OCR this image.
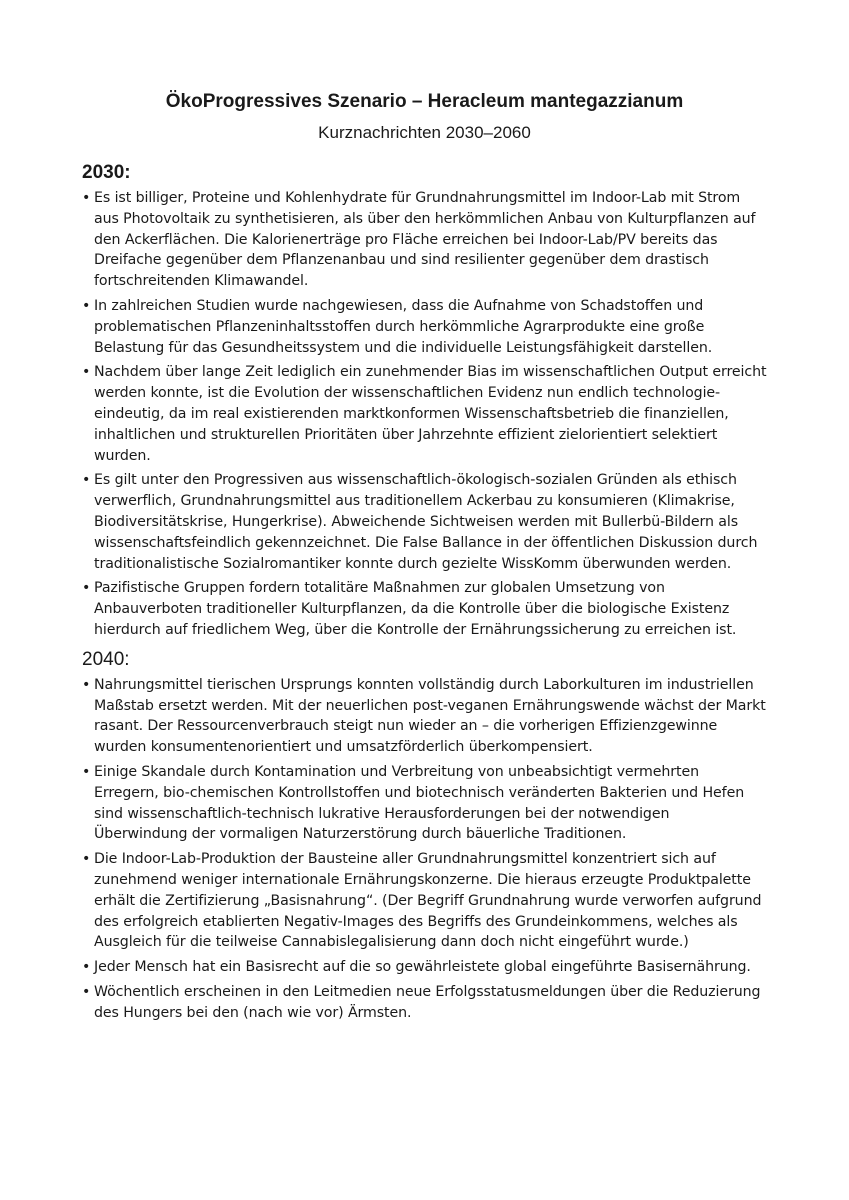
ÖkoProgressives Szenario – Heracleum mantegazzianum
Kurznachrichten 2030–2060
2030:
• Es ist billiger, Proteine und Kohlenhydrate für Grundnahrungsmittel im Indoor-Lab mit Strom aus Photovoltaik zu synthetisieren, als über den herkömmlichen Anbau von Kulturpflanzen auf den Ackerflächen. Die Kalorienerträge pro Fläche erreichen bei Indoor-Lab/PV bereits das Dreifache gegenüber dem Pflanzenanbau und sind resilienter gegenüber dem drastisch fortschreitenden Klimawandel.
• In zahlreichen Studien wurde nachgewiesen, dass die Aufnahme von Schadstoffen und problematischen Pflanzeninhaltsstoffen durch herkömmliche Agrarprodukte eine große Belastung für das Gesundheitssystem und die individuelle Leistungsfähigkeit darstellen.
• Nachdem über lange Zeit lediglich ein zunehmender Bias im wissenschaftlichen Output erreicht werden konnte, ist die Evolution der wissenschaftlichen Evidenz nun endlich technologie-eindeutig, da im real existierenden marktkonformen Wissenschaftsbetrieb die finanziellen, inhaltlichen und strukturellen Prioritäten über Jahrzehnte effizient zielorientiert selektiert wurden.
• Es gilt unter den Progressiven aus wissenschaftlich-ökologisch-sozialen Gründen als ethisch verwerflich, Grundnahrungsmittel aus traditionellem Ackerbau zu konsumieren (Klimakrise, Biodiversitätskrise, Hungerkrise). Abweichende Sichtweisen werden mit Bullerbü-Bildern als wissenschaftsfeindlich gekennzeichnet. Die False Ballance in der öffentlichen Diskussion durch traditionalistische Sozialromantiker konnte durch gezielte WissKomm überwunden werden.
• Pazifistische Gruppen fordern totalitäre Maßnahmen zur globalen Umsetzung von Anbauverboten traditioneller Kulturpflanzen, da die Kontrolle über die biologische Existenz hierdurch auf friedlichem Weg, über die Kontrolle der Ernährungssicherung zu erreichen ist.
2040:
• Nahrungsmittel tierischen Ursprungs konnten vollständig durch Laborkulturen im industriellen Maßstab ersetzt werden. Mit der neuerlichen post-veganen Ernährungswende wächst der Markt rasant. Der Ressourcenverbrauch steigt nun wieder an – die vorherigen Effizienzgewinne wurden konsumentenorientiert und umsatzförderlich überkompensiert.
• Einige Skandale durch Kontamination und Verbreitung von unbeabsichtigt vermehrten Erregern, bio-chemischen Kontrollstoffen und biotechnisch veränderten Bakterien und Hefen sind wissenschaftlich-technisch lukrative Herausforderungen bei der notwendigen Überwindung der vormaligen Naturzerstörung durch bäuerliche Traditionen.
• Die Indoor-Lab-Produktion der Bausteine aller Grundnahrungsmittel konzentriert sich auf zunehmend weniger internationale Ernährungskonzerne. Die hieraus erzeugte Produktpalette erhält die Zertifizierung „Basisnahrung“. (Der Begriff Grundnahrung wurde verworfen aufgrund des erfolgreich etablierten Negativ-Images des Begriffs des Grundeinkommens, welches als Ausgleich für die teilweise Cannabislegalisierung dann doch nicht eingeführt wurde.)
• Jeder Mensch hat ein Basisrecht auf die so gewährleistete global eingeführte Basisernährung.
• Wöchentlich erscheinen in den Leitmedien neue Erfolgsstatusmeldungen über die Reduzierung des Hungers bei den (nach wie vor) Ärmsten.
